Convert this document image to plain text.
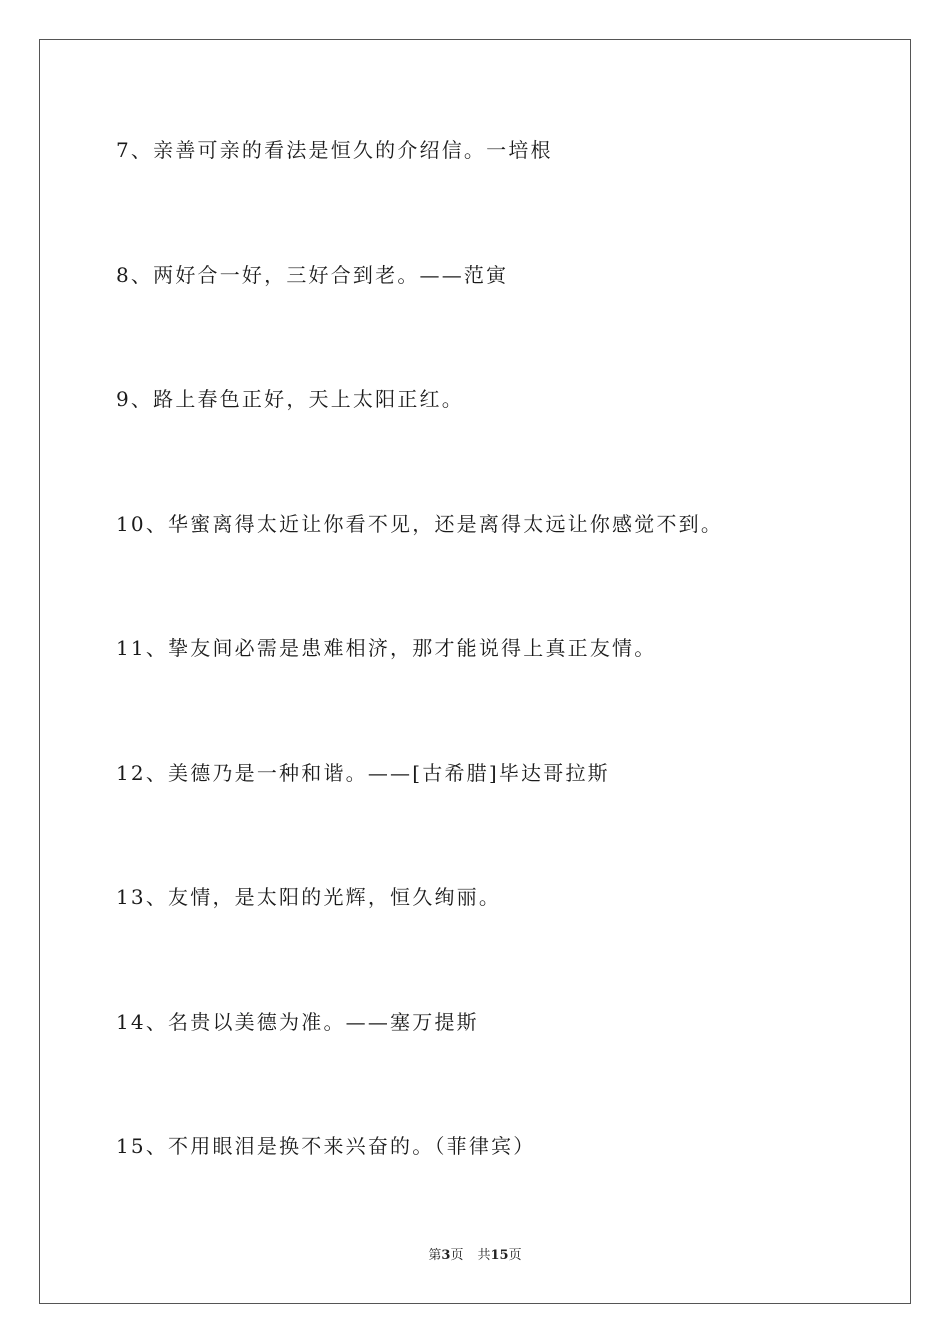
7、亲善可亲的看法是恒久的介绍信。一培根
8、两好合一好，三好合到老。——范寅
9、路上春色正好，天上太阳正红。
10、华蜜离得太近让你看不见，还是离得太远让你感觉不到。
11、挚友间必需是患难相济，那才能说得上真正友情。
12、美德乃是一种和谐。——[古希腊]毕达哥拉斯
13、友情，是太阳的光辉，恒久绚丽。
14、名贵以美德为准。——塞万提斯
15、不用眼泪是换不来兴奋的。（菲律宾）
第3页 共15页
